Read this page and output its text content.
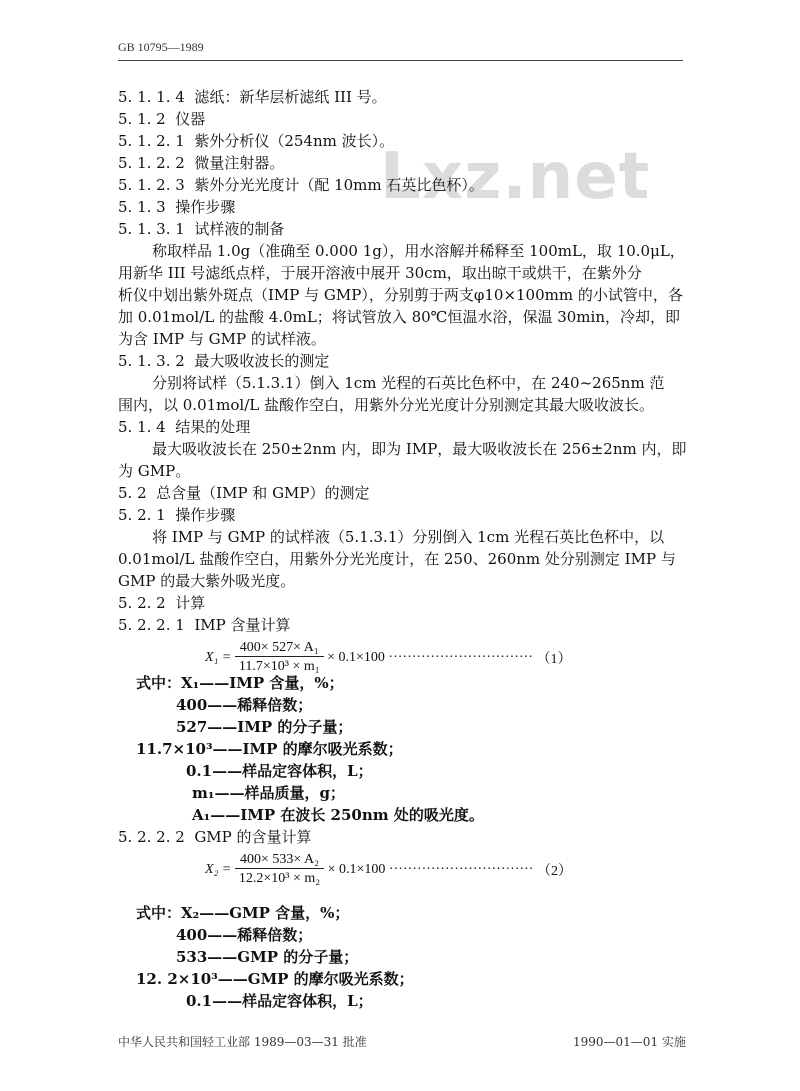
GB 10795—1989
Lxz.net
5. 1. 1. 4  滤纸：新华层析滤纸 III 号。
5. 1. 2  仪器
5. 1. 2. 1  紫外分析仪（254nm 波长）。
5. 1. 2. 2  微量注射器。
5. 1. 2. 3  紫外分光光度计（配 10mm 石英比色杯）。
5. 1. 3  操作步骤
5. 1. 3. 1  试样液的制备
称取样品 1.0g（准确至 0.000 1g），用水溶解并稀释至 100mL，取 10.0μL，
用新华 III 号滤纸点样，于展开溶液中展开 30cm，取出晾干或烘干，在紫外分
析仪中划出紫外斑点（IMP 与 GMP），分别剪于两支φ10×100mm 的小试管中，各
加 0.01mol/L 的盐酸 4.0mL；将试管放入 80℃恒温水浴，保温 30min，冷却，即
为含 IMP 与 GMP 的试样液。
5. 1. 3. 2  最大吸收波长的测定
分别将试样（5.1.3.1）倒入 1cm 光程的石英比色杯中，在 240~265nm 范
围内，以 0.01mol/L 盐酸作空白，用紫外分光光度计分别测定其最大吸收波长。
5. 1. 4  结果的处理
最大吸收波长在 250±2nm 内，即为 IMP，最大吸收波长在 256±2nm 内，即
为 GMP。
5. 2  总含量（IMP 和 GMP）的测定
5. 2. 1  操作步骤
将 IMP 与 GMP 的试样液（5.1.3.1）分别倒入 1cm 光程石英比色杯中，以
0.01mol/L 盐酸作空白，用紫外分光光度计，在 250、260nm 处分别测定 IMP 与
GMP 的最大紫外吸光度。
5. 2. 2  计算
5. 2. 2. 1  IMP 含量计算
$X_1 = \frac{\text{400× 527× A₁}}{\text{11.7×10³ × m₁}} \times 0.1\times 100$ ······························· （1）
式中：X₁——IMP 含量，%；
400——稀释倍数；
527——IMP 的分子量；
11.7×10³——IMP 的摩尔吸光系数；
0.1——样品定容体积，L；
m₁——样品质量，g；
A₁——IMP 在波长 250nm 处的吸光度。
5. 2. 2. 2  GMP 的含量计算
$X_2 = \frac{\text{400× 533× A₂}}{\text{12.2×10³ × m₂}} \times 0.1\times 100$ ······························· （2）
式中：X₂——GMP 含量，%；
400——稀释倍数；
533——GMP 的分子量；
12. 2×10³——GMP 的摩尔吸光系数；
0.1——样品定容体积，L；
中华人民共和国轻工业部 1989—03—31 批准	1990—01—01 实施
